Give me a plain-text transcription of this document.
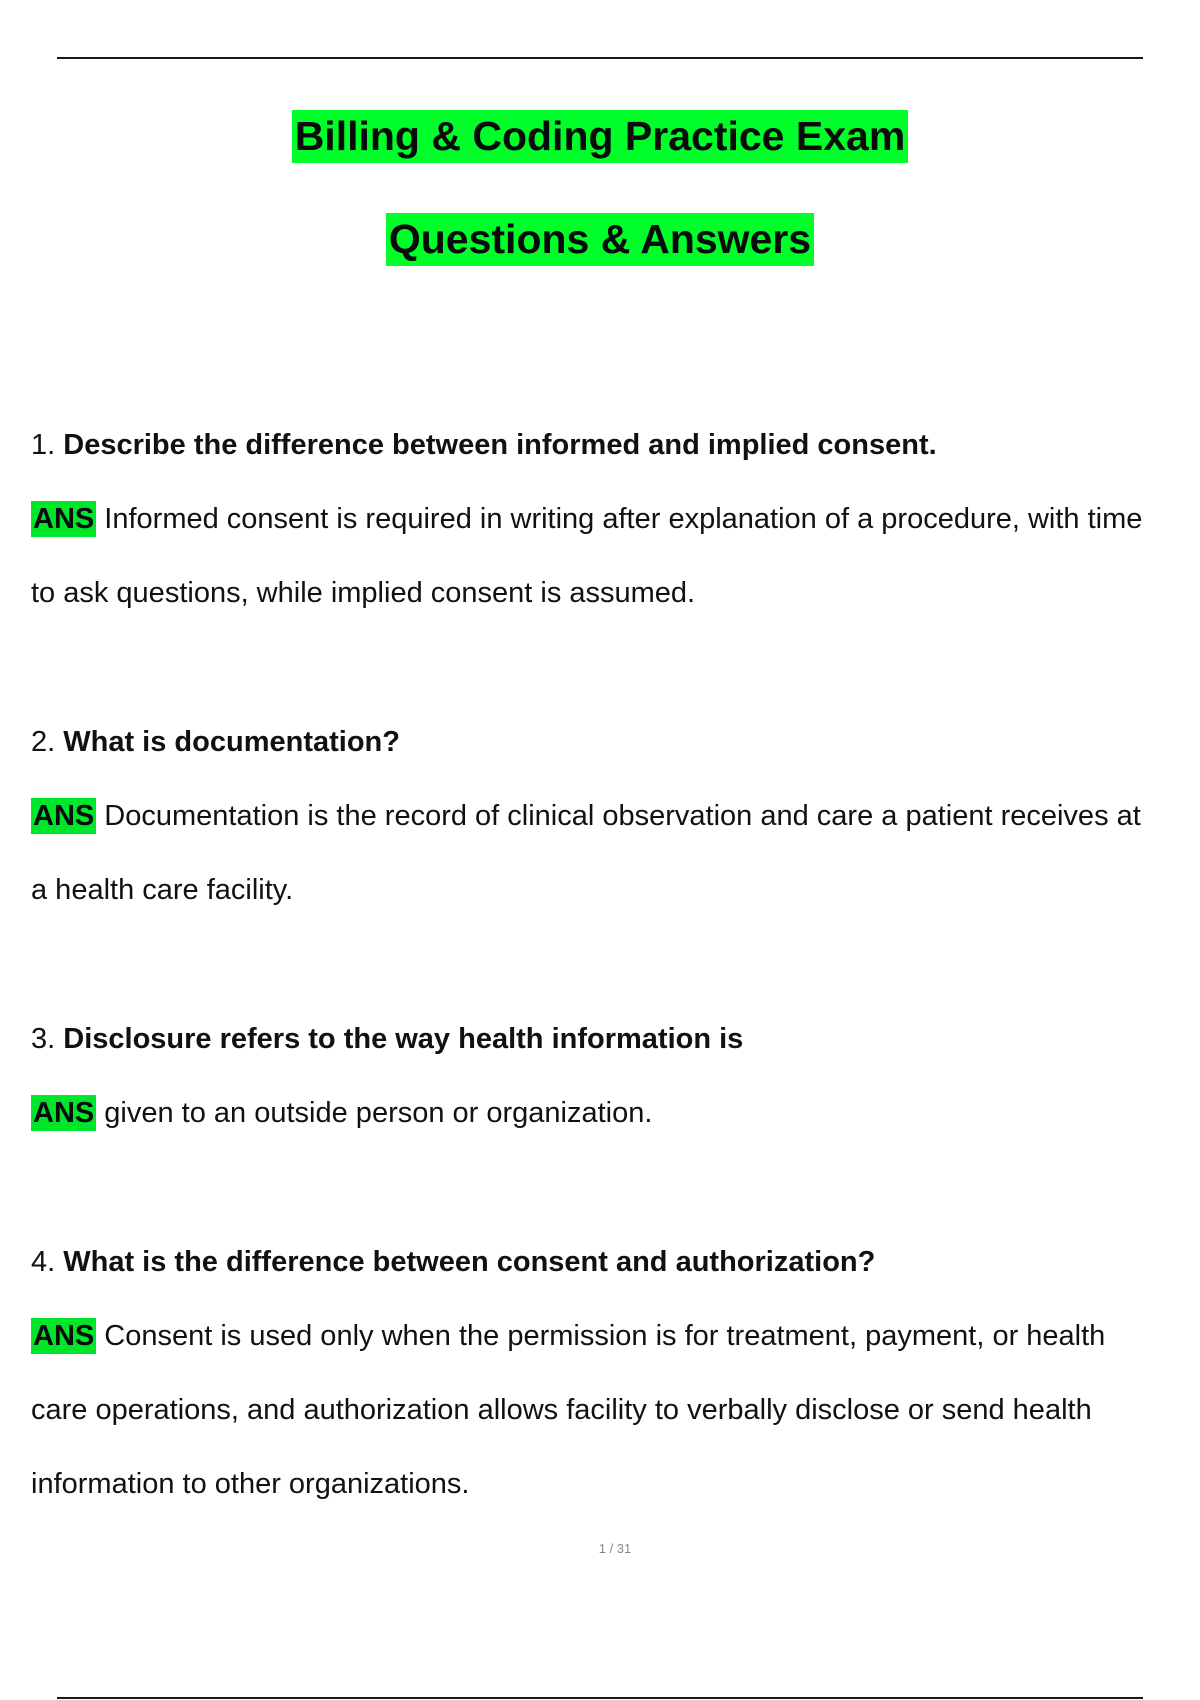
Billing & Coding Practice Exam
Questions & Answers
1. Describe the difference between informed and implied consent.
ANS Informed consent is required in writing after explanation of a procedure, with time to ask questions, while implied consent is assumed.
2. What is documentation?
ANS Documentation is the record of clinical observation and care a patient receives at a health care facility.
3. Disclosure refers to the way health information is
ANS given to an outside person or organization.
4. What is the difference between consent and authorization?
ANS Consent is used only when the permission is for treatment, payment, or health care operations, and authorization allows facility to verbally disclose or send health information to other organizations.
1 / 31
